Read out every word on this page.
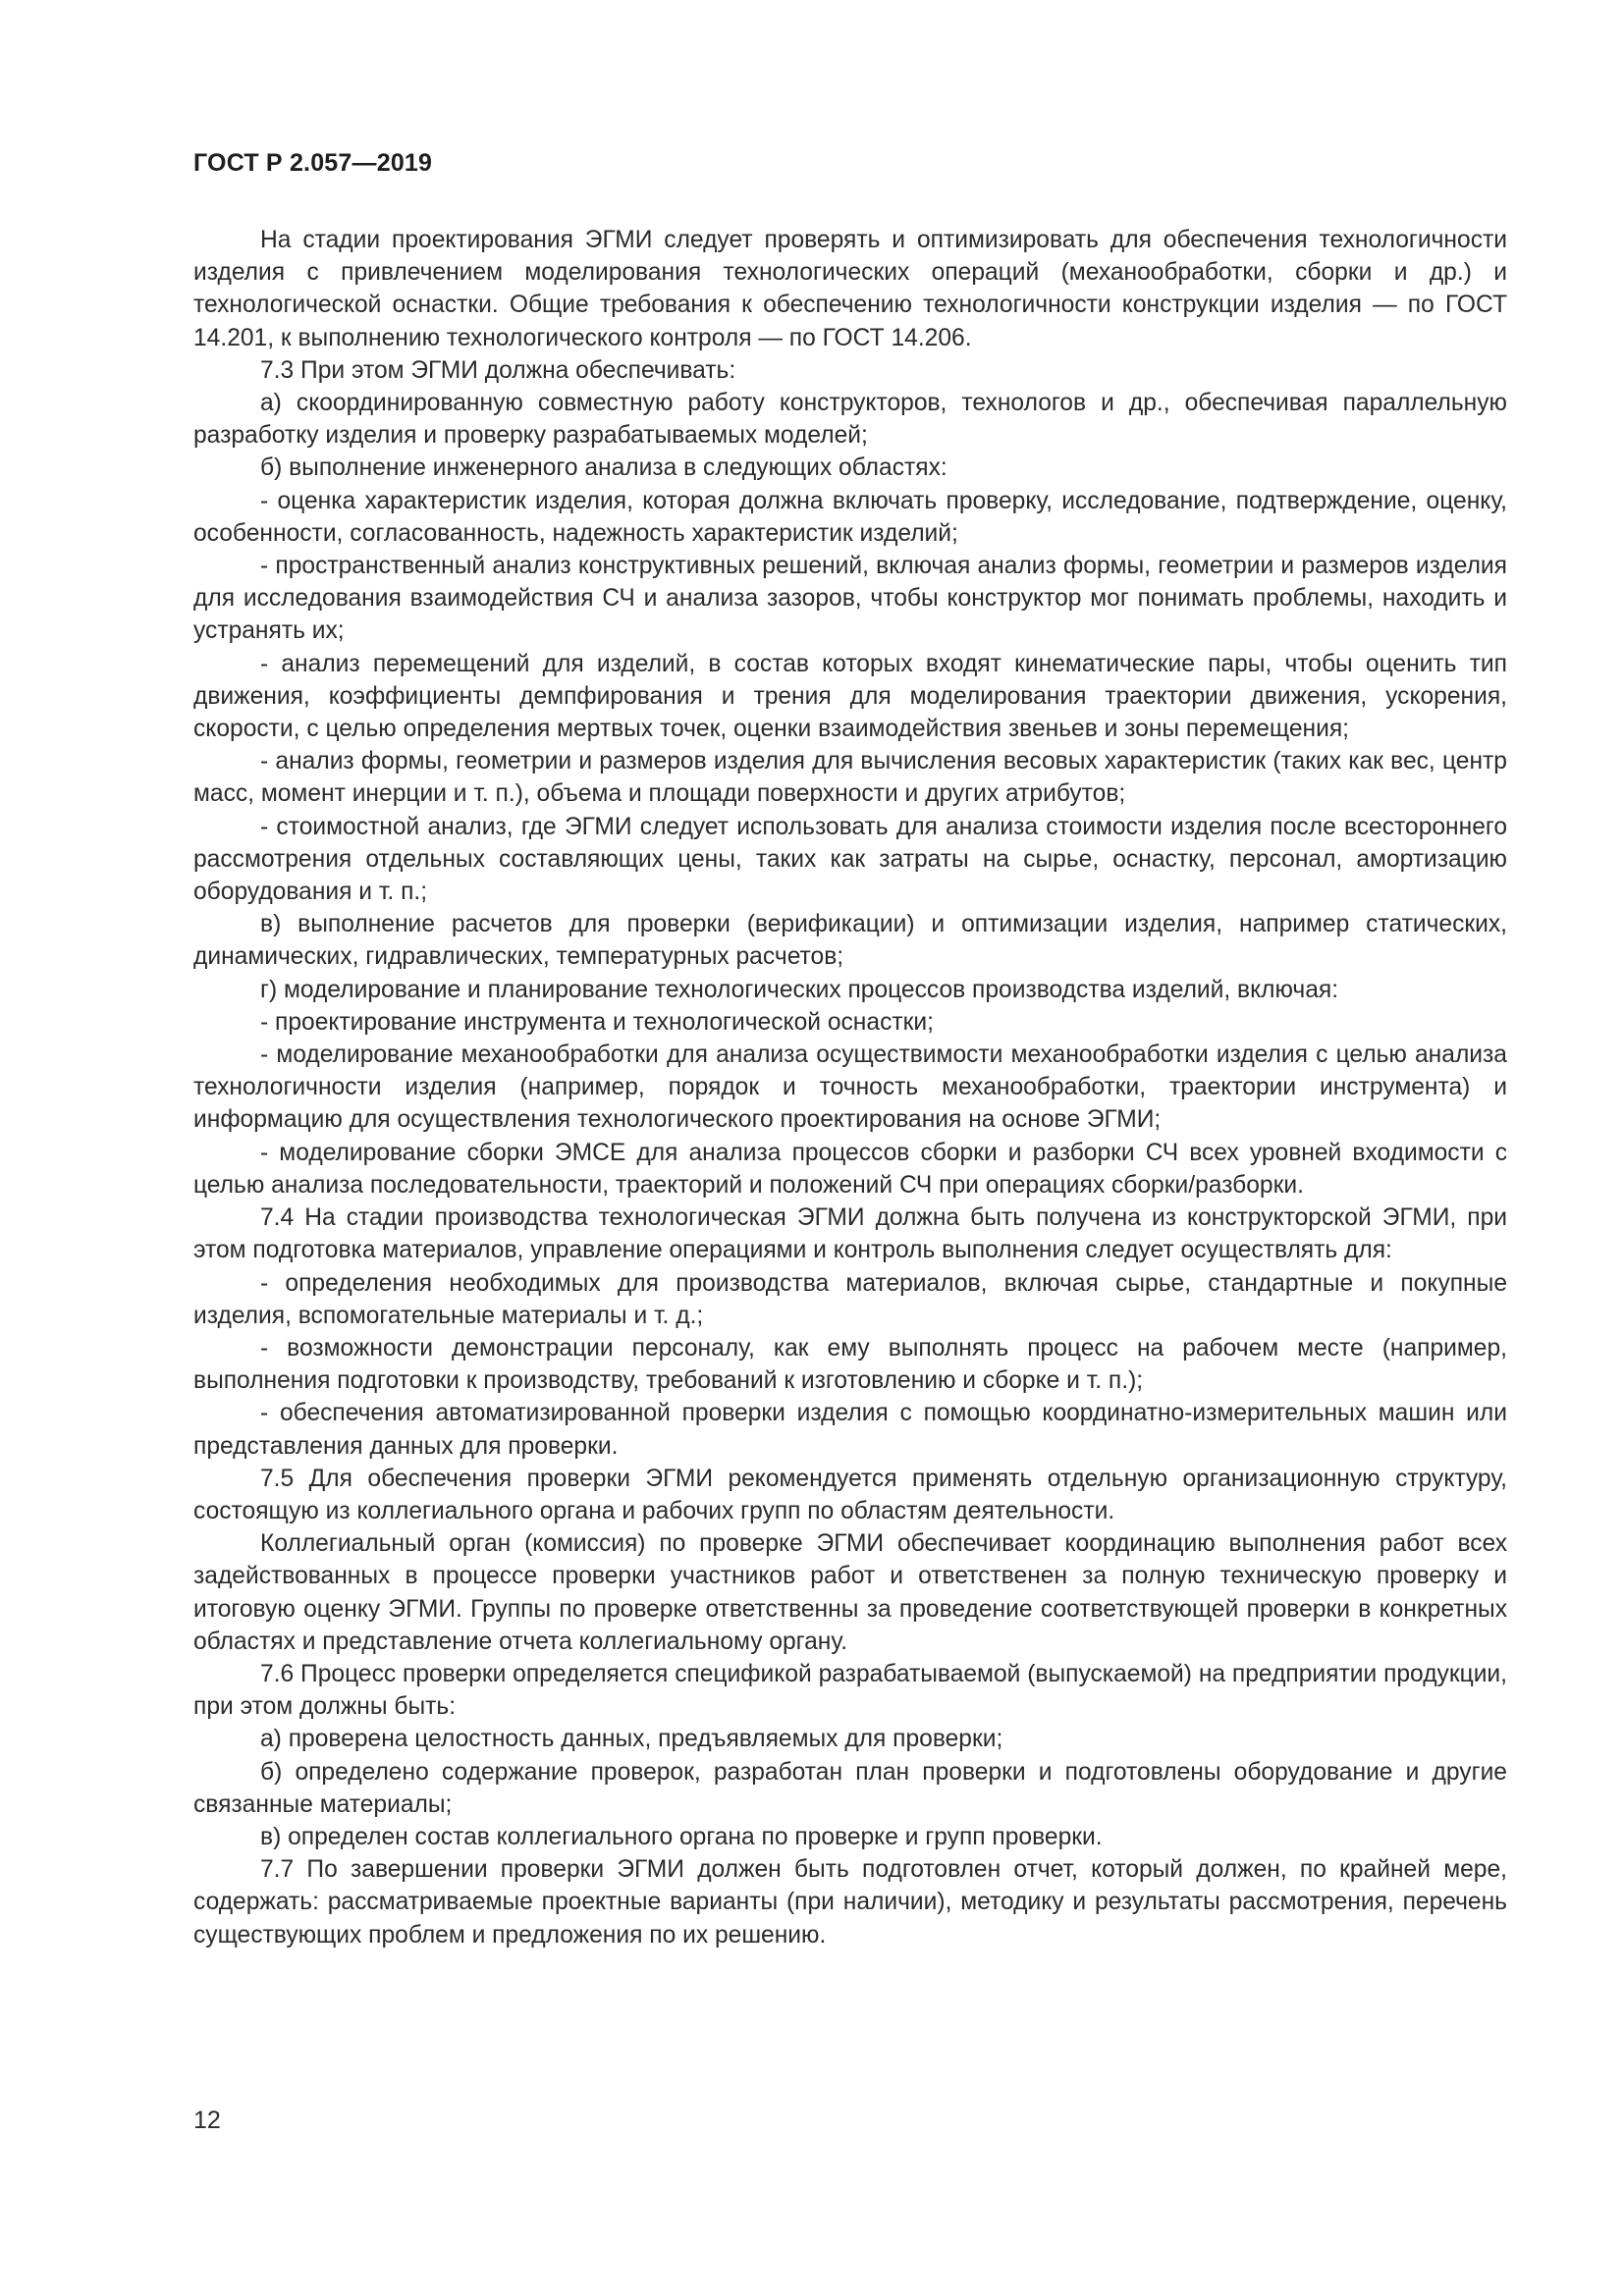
ГОСТ Р 2.057—2019

На стадии проектирования ЭГМИ следует проверять и оптимизировать для обеспечения технологичности изделия с привлечением моделирования технологических операций (механообработки, сборки и др.) и технологической оснастки. Общие требования к обеспечению технологичности конструкции изделия — по ГОСТ 14.201, к выполнению технологического контроля — по ГОСТ 14.206.

7.3 При этом ЭГМИ должна обеспечивать:

а) скоординированную совместную работу конструкторов, технологов и др., обеспечивая параллельную разработку изделия и проверку разрабатываемых моделей;

б) выполнение инженерного анализа в следующих областях:

- оценка характеристик изделия, которая должна включать проверку, исследование, подтверждение, оценку, особенности, согласованность, надежность характеристик изделий;

- пространственный анализ конструктивных решений, включая анализ формы, геометрии и размеров изделия для исследования взаимодействия СЧ и анализа зазоров, чтобы конструктор мог понимать проблемы, находить и устранять их;

- анализ перемещений для изделий, в состав которых входят кинематические пары, чтобы оценить тип движения, коэффициенты демпфирования и трения для моделирования траектории движения, ускорения, скорости, с целью определения мертвых точек, оценки взаимодействия звеньев и зоны перемещения;

- анализ формы, геометрии и размеров изделия для вычисления весовых характеристик (таких как вес, центр масс, момент инерции и т. п.), объема и площади поверхности и других атрибутов;

- стоимостной анализ, где ЭГМИ следует использовать для анализа стоимости изделия после всестороннего рассмотрения отдельных составляющих цены, таких как затраты на сырье, оснастку, персонал, амортизацию оборудования и т. п.;

в) выполнение расчетов для проверки (верификации) и оптимизации изделия, например статических, динамических, гидравлических, температурных расчетов;

г) моделирование и планирование технологических процессов производства изделий, включая:

- проектирование инструмента и технологической оснастки;

- моделирование механообработки для анализа осуществимости механообработки изделия с целью анализа технологичности изделия (например, порядок и точность механообработки, траектории инструмента) и информацию для осуществления технологического проектирования на основе ЭГМИ;

- моделирование сборки ЭМСЕ для анализа процессов сборки и разборки СЧ всех уровней входимости с целью анализа последовательности, траекторий и положений СЧ при операциях сборки/разборки.

7.4 На стадии производства технологическая ЭГМИ должна быть получена из конструкторской ЭГМИ, при этом подготовка материалов, управление операциями и контроль выполнения следует осуществлять для:

- определения необходимых для производства материалов, включая сырье, стандартные и покупные изделия, вспомогательные материалы и т. д.;

- возможности демонстрации персоналу, как ему выполнять процесс на рабочем месте (например, выполнения подготовки к производству, требований к изготовлению и сборке и т. п.);

- обеспечения автоматизированной проверки изделия с помощью координатно-измерительных машин или представления данных для проверки.

7.5 Для обеспечения проверки ЭГМИ рекомендуется применять отдельную организационную структуру, состоящую из коллегиального органа и рабочих групп по областям деятельности.

Коллегиальный орган (комиссия) по проверке ЭГМИ обеспечивает координацию выполнения работ всех задействованных в процессе проверки участников работ и ответственен за полную техническую проверку и итоговую оценку ЭГМИ. Группы по проверке ответственны за проведение соответствующей проверки в конкретных областях и представление отчета коллегиальному органу.

7.6 Процесс проверки определяется спецификой разрабатываемой (выпускаемой) на предприятии продукции, при этом должны быть:

а) проверена целостность данных, предъявляемых для проверки;

б) определено содержание проверок, разработан план проверки и подготовлены оборудование и другие связанные материалы;

в) определен состав коллегиального органа по проверке и групп проверки.

7.7 По завершении проверки ЭГМИ должен быть подготовлен отчет, который должен, по крайней мере, содержать: рассматриваемые проектные варианты (при наличии), методику и результаты рассмотрения, перечень существующих проблем и предложения по их решению.

12
